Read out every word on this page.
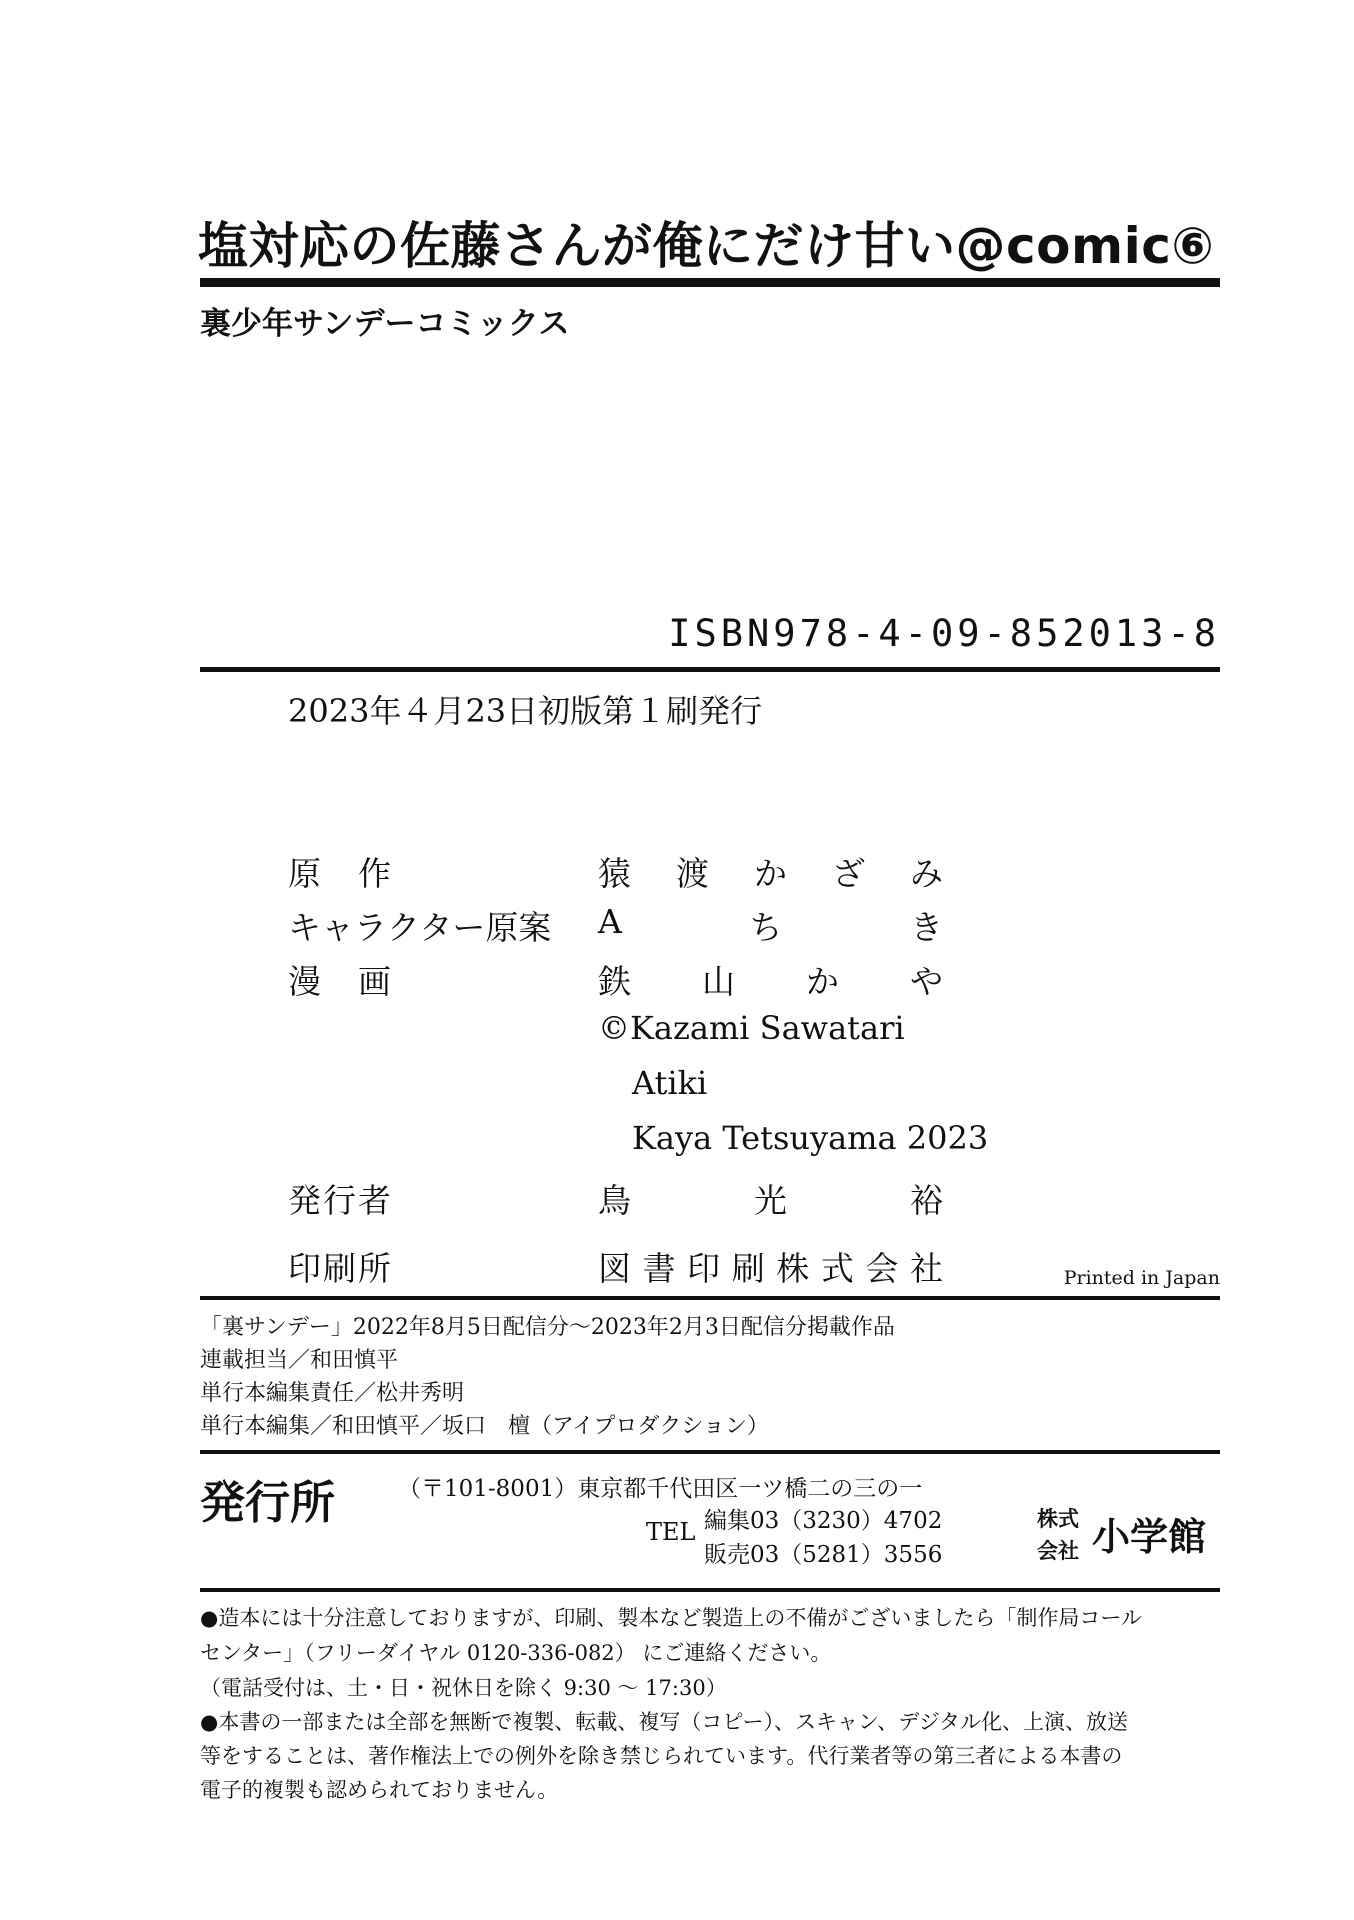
塩対応の佐藤さんが俺にだけ甘い@comic⑥
裏少年サンデーコミックス
ISBN978-4-09-852013-8
2023年４月23日初版第１刷発行
原　作	猿 渡 か ざ み
キャラクター原案 A	ち	き
漫　画	鉄 山 か や
©Kazami Sawatari
Atiki
Kaya Tetsuyama 2023
発行者	鳥	光	裕
印刷所	図 書 印 刷 株 式 会 社	Printed in Japan
「裏サンデー」2022年8月5日配信分〜2023年2月3日配信分掲載作品
連載担当／和田慎平
単行本編集責任／松井秀明
単行本編集／和田慎平／坂口　檀（アイプロダクション）
発行所	（〒101-8001）東京都千代田区一ツ橋二の三の一
TEL 編集03（3230）4702
販売03（5281）3556
株式
会社 小学館
●造本には十分注意しておりますが、印刷、製本など製造上の不備がございましたら「制作局コール
センター」（フリーダイヤル 0120-336-082） にご連絡ください。
（電話受付は、土・日・祝休日を除く 9:30 〜 17:30）
●本書の一部または全部を無断で複製、転載、複写（コピー）、スキャン、デジタル化、上演、放送
等をすることは、著作権法上での例外を除き禁じられています。代行業者等の第三者による本書の
電子的複製も認められておりません。
